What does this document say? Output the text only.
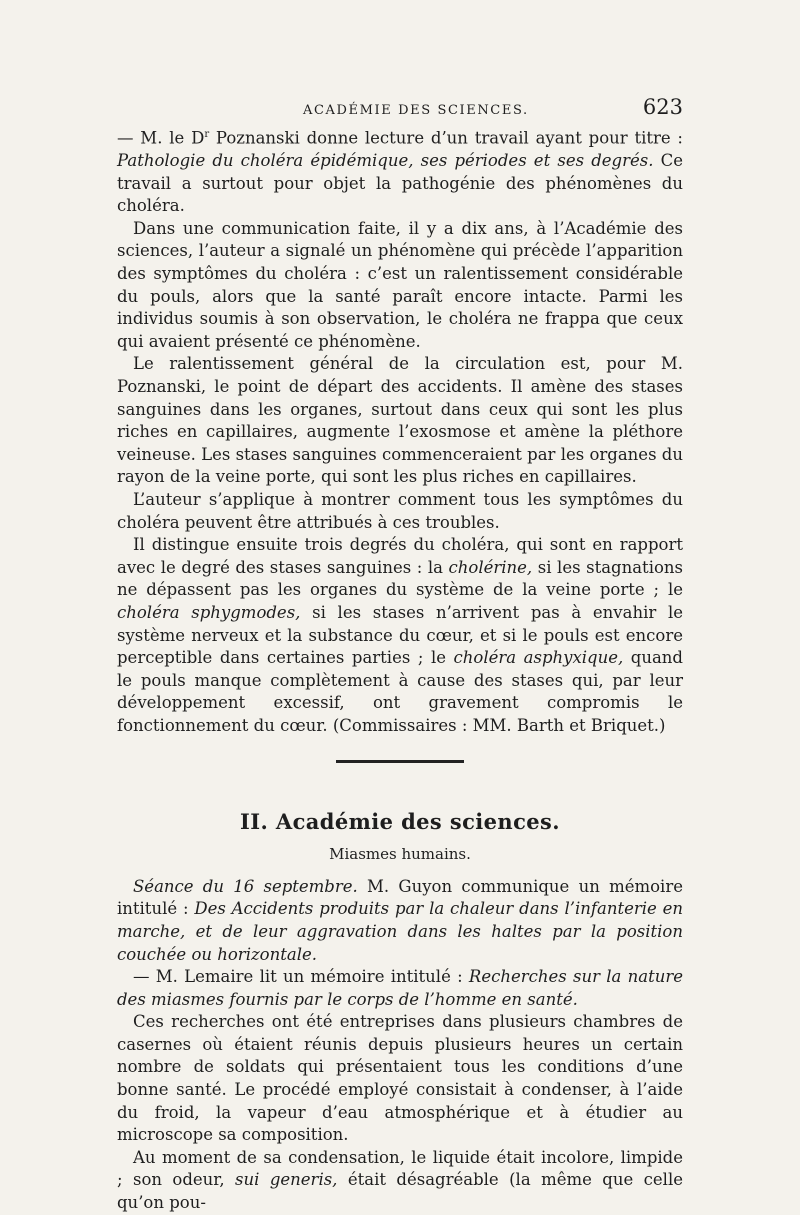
ACADÉMIE DES SCIENCES.	623

— M. le $D^r$ Poznanski donne lecture d’un travail ayant pour titre : Pathologie du choléra épidémique, ses périodes et ses degrés. Ce travail a surtout pour objet la pathogénie des phénomènes du choléra.

Dans une communication faite, il y a dix ans, à l’Académie des sciences, l’auteur a signalé un phénomène qui précède l’apparition des symptômes du choléra : c’est un ralentissement considérable du pouls, alors que la santé paraît encore intacte. Parmi les individus soumis à son observation, le choléra ne frappa que ceux qui avaient présenté ce phénomène.

Le ralentissement général de la circulation est, pour M. Poznanski, le point de départ des accidents. Il amène des stases sanguines dans les organes, surtout dans ceux qui sont les plus riches en capillaires, augmente l’exosmose et amène la pléthore veineuse. Les stases sanguines commenceraient par les organes du rayon de la veine porte, qui sont les plus riches en capillaires.

L’auteur s’applique à montrer comment tous les symptômes du choléra peuvent être attribués à ces troubles.

Il distingue ensuite trois degrés du choléra, qui sont en rapport avec le degré des stases sanguines : la cholérine, si les stagnations ne dépassent pas les organes du système de la veine porte ; le choléra sphygmodes, si les stases n’arrivent pas à envahir le système nerveux et la substance du cœur, et si le pouls est encore perceptible dans certaines parties ; le choléra asphyxique, quand le pouls manque complètement à cause des stases qui, par leur développement excessif, ont gravement compromis le fonctionnement du cœur. (Commissaires : MM. Barth et Briquet.)

II. Académie des sciences.
Miasmes humains.

Séance du 16 septembre. M. Guyon communique un mémoire intitulé : Des Accidents produits par la chaleur dans l’infanterie en marche, et de leur aggravation dans les haltes par la position couchée ou horizontale.

— M. Lemaire lit un mémoire intitulé : Recherches sur la nature des miasmes fournis par le corps de l’homme en santé.

Ces recherches ont été entreprises dans plusieurs chambres de casernes où étaient réunis depuis plusieurs heures un certain nombre de soldats qui présentaient tous les conditions d’une bonne santé. Le procédé employé consistait à condenser, à l’aide du froid, la vapeur d’eau atmosphérique et à étudier au microscope sa composition.

Au moment de sa condensation, le liquide était incolore, limpide ; son odeur, sui generis, était désagréable (la même que celle qu’on pou-
